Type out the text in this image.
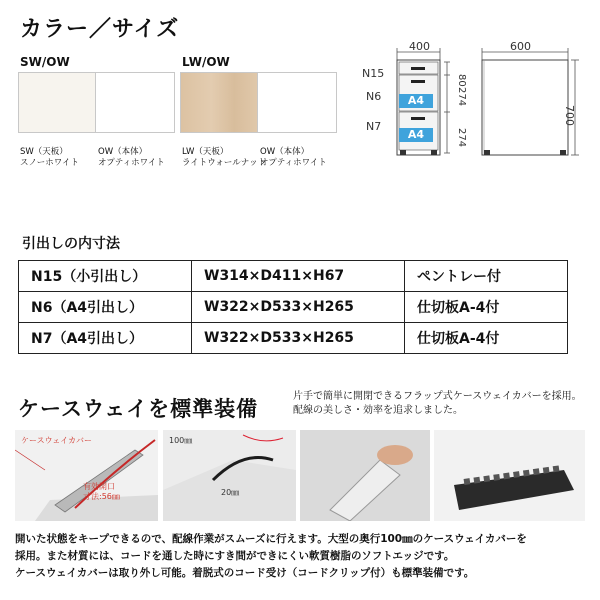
カラー／サイズ
SW/OW

SW（天板）
スノーホワイト

OW（本体）
オプティホワイト

LW/OW

LW（天板）
ライトウォールナット

OW（本体）
オプティホワイト

400	600
700
N15
N6
N7
80
274
274
A4
A4
引出しの内寸法
N15（小引出し）	W314×D411×H67	ペントレー付
N6（A4引出し）	W322×D533×H265	仕切板A-4付
N7（A4引出し）	W322×D533×H265	仕切板A-4付
ケースウェイを標準装備
片手で簡単に開閉できるフラップ式ケースウェイカバーを採用。配線の美しさ・効率を追求しました。
ケースウェイカバー
有効開口
寸法:56㎜
100㎜
20㎜
開いた状態をキープできるので、配線作業がスムーズに行えます。大型の奥行100㎜のケースウェイカバーを
採用。また材質には、コードを通した時にすき間ができにくい軟質樹脂のソフトエッジです。
ケースウェイカバーは取り外し可能。着脱式のコード受け（コードクリップ付）も標準装備です。
